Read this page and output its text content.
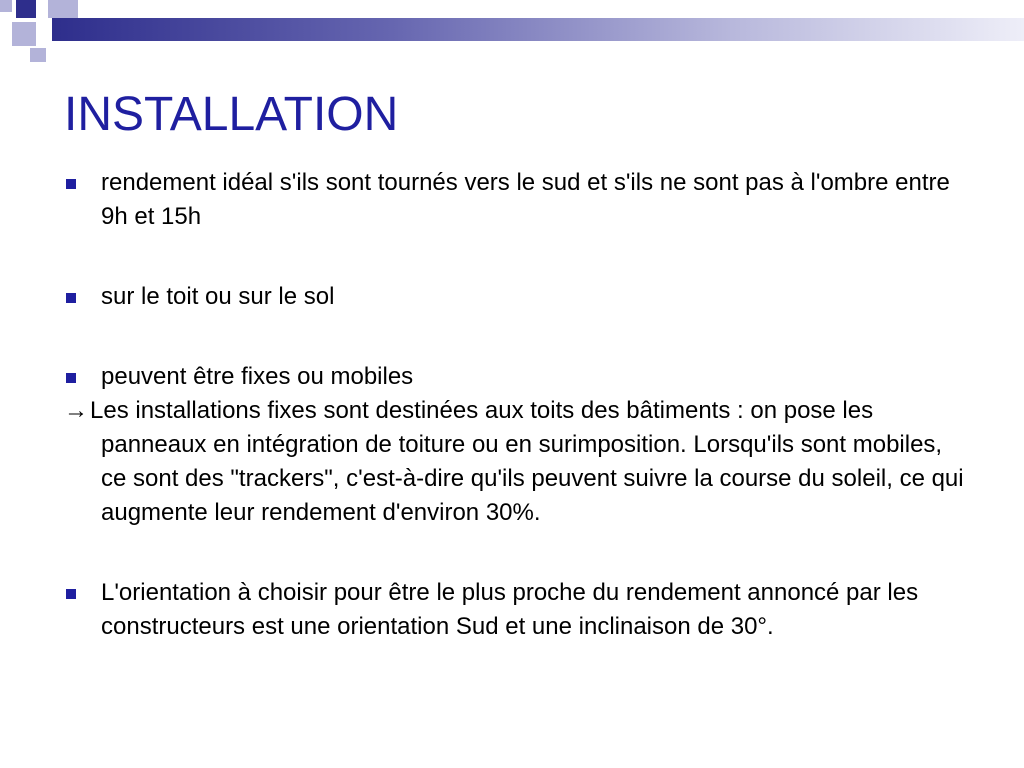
INSTALLATION

rendement idéal s'ils sont tournés vers le sud et s'ils ne sont pas à l'ombre entre 9h et 15h

sur le toit ou sur le sol

peuvent être fixes ou mobiles

→Les installations fixes sont destinées aux toits des bâtiments : on pose les panneaux en intégration de toiture ou en surimposition. Lorsqu'ils sont mobiles, ce sont des "trackers", c'est-à-dire qu'ils peuvent suivre la course du soleil, ce qui augmente leur rendement d'environ 30%.

L'orientation à choisir pour être le plus proche du rendement annoncé par les constructeurs est une orientation Sud et une inclinaison de 30°.
